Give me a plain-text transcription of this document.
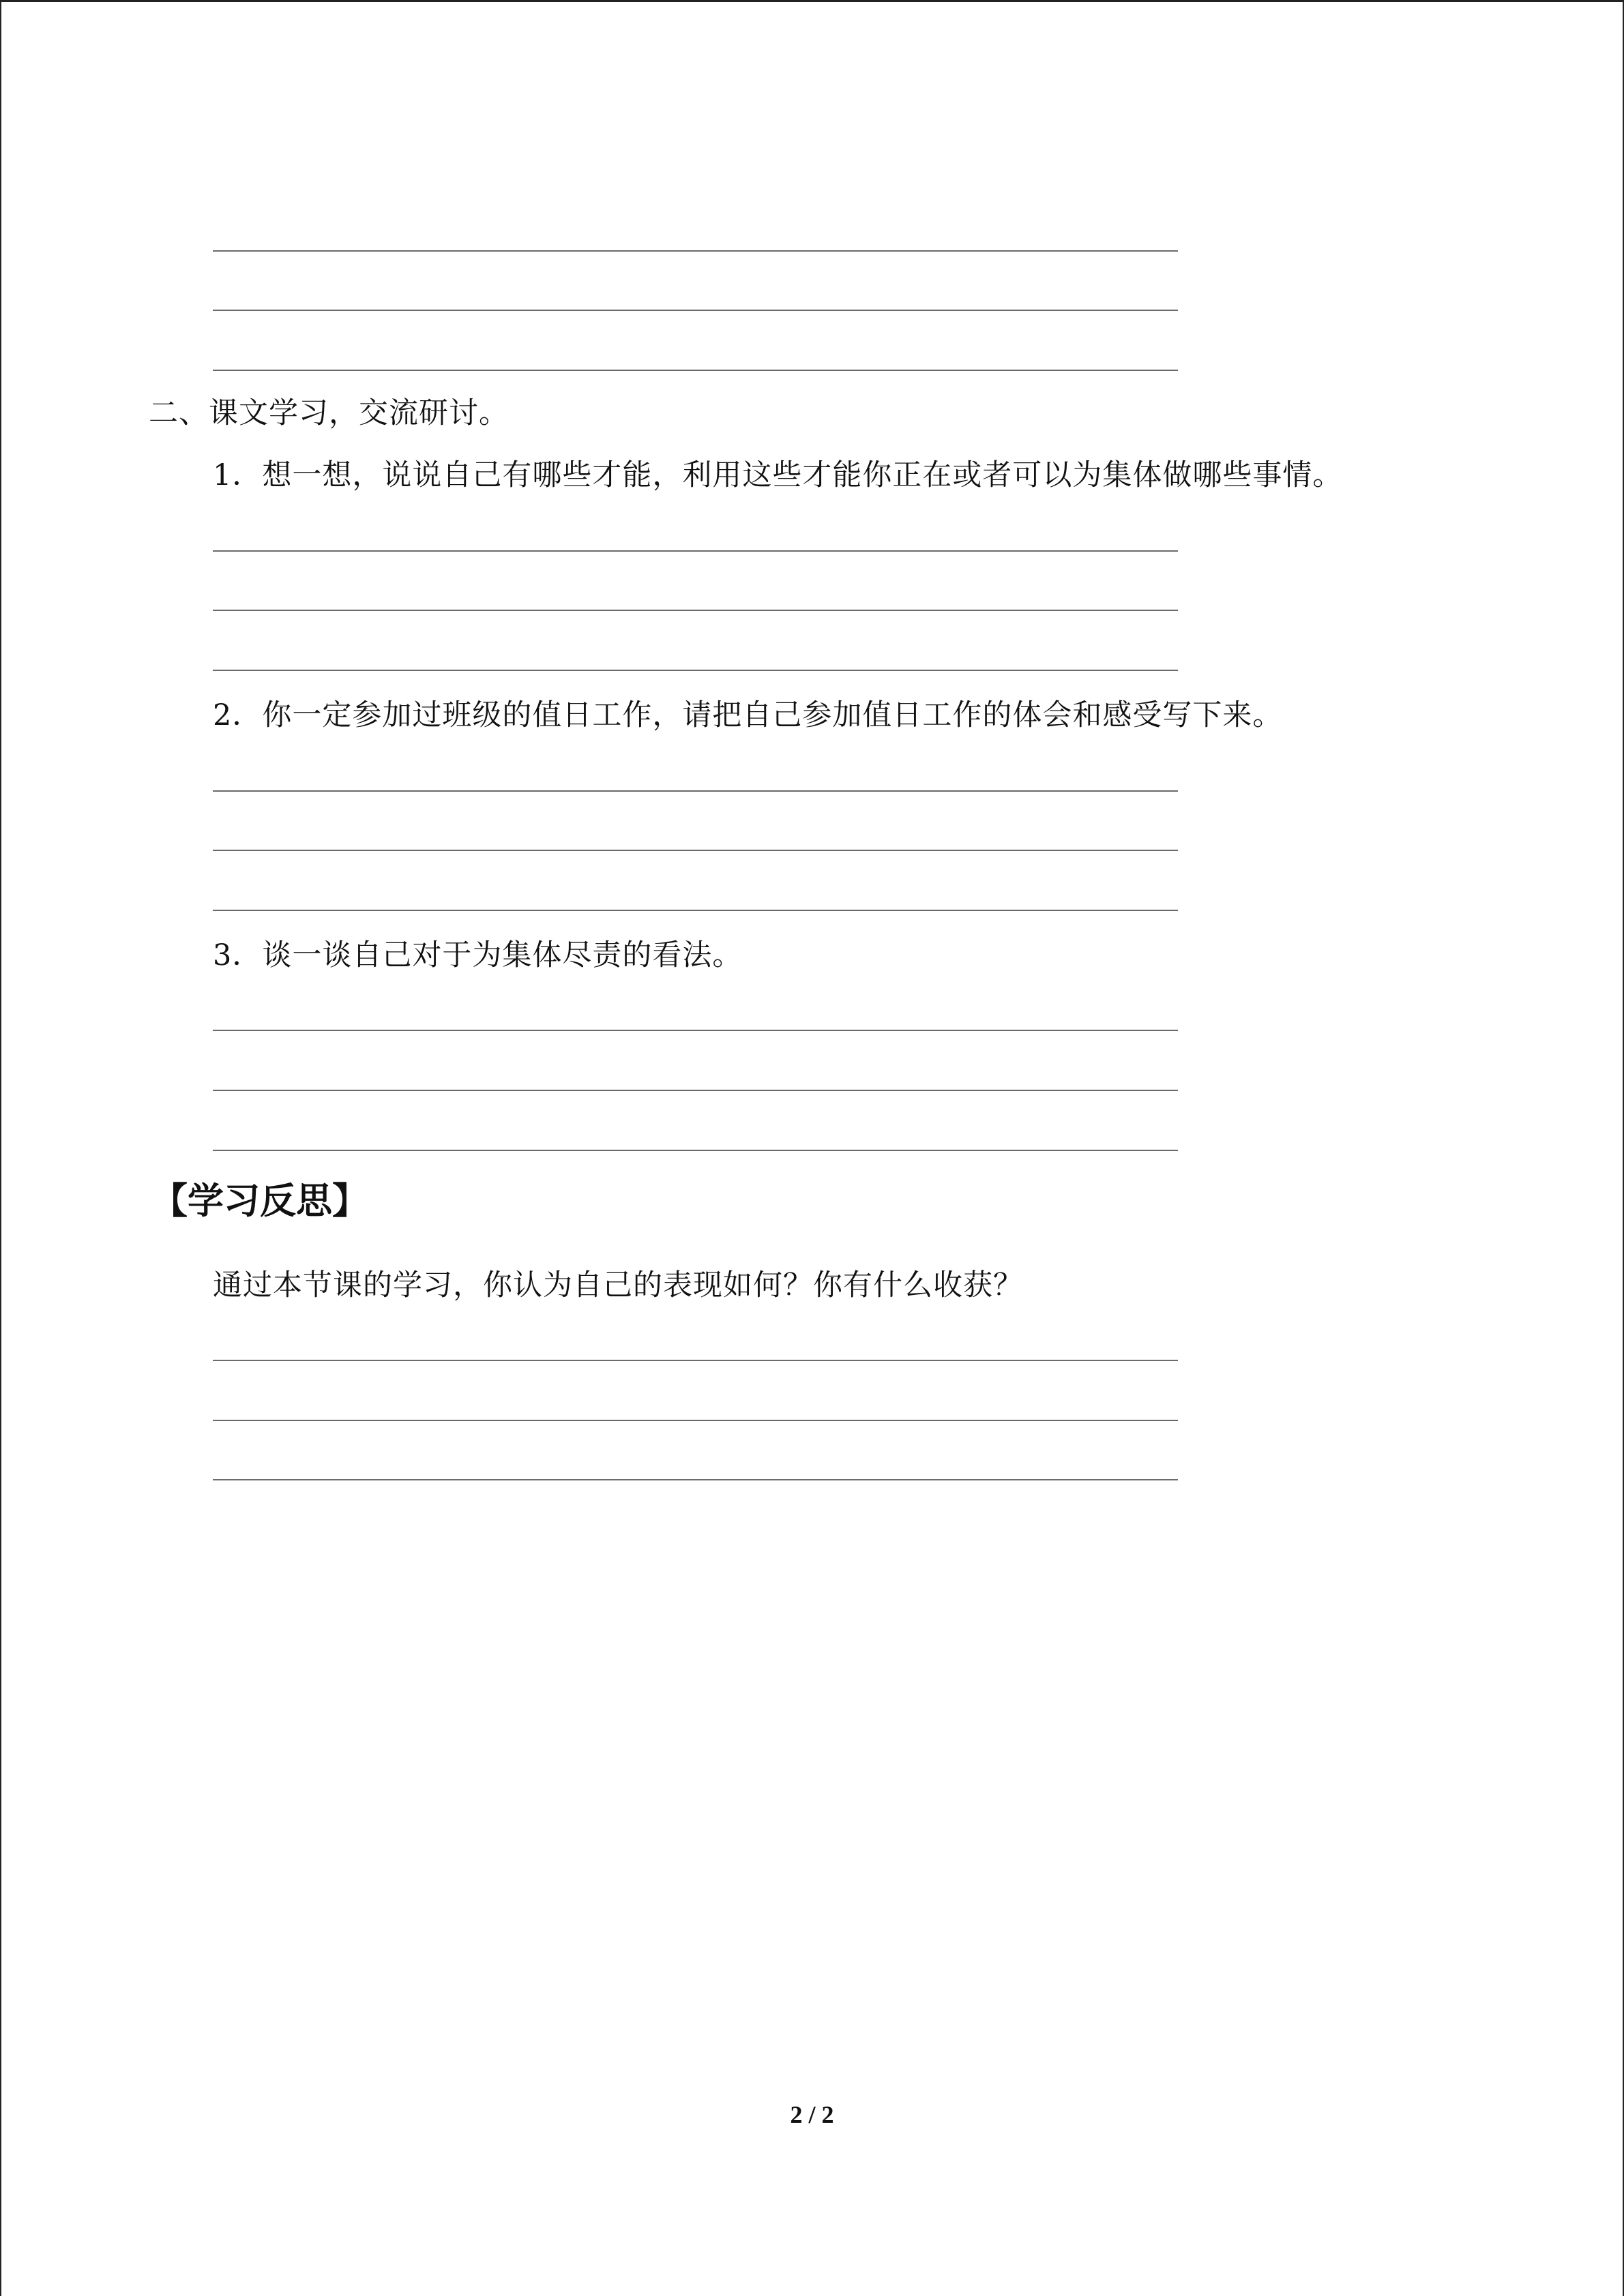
二、课文学习，交流研讨。
1．想一想，说说自己有哪些才能，利用这些才能你正在或者可以为集体做哪些事情。
2．你一定参加过班级的值日工作，请把自己参加值日工作的体会和感受写下来。
3．谈一谈自己对于为集体尽责的看法。
【学习反思】
通过本节课的学习，你认为自己的表现如何？你有什么收获？
2 / 2
